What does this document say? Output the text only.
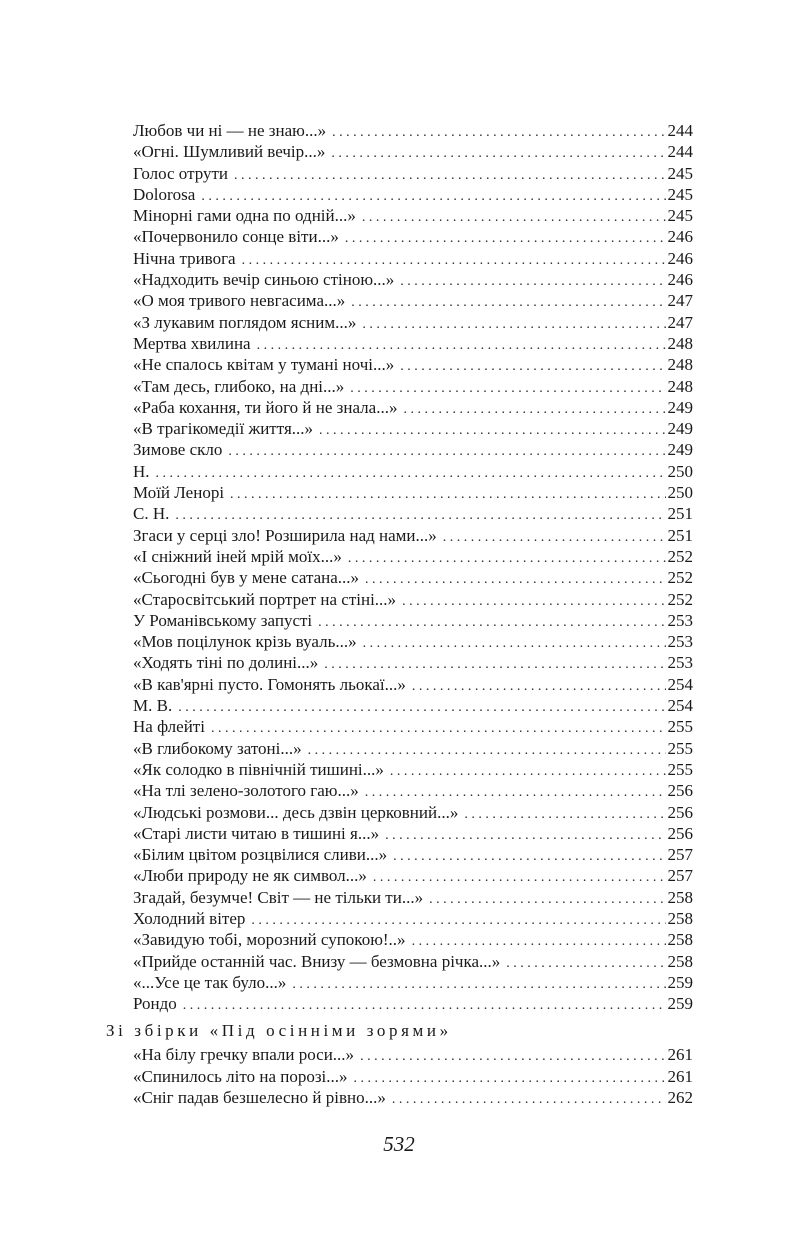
Любов чи ні — не знаю...» . . .	244
«Огні. Шумливий вечір...» . . .	244
Голос отрути . . .	245
Dolorosa . . .	245
Мінорні гами одна по одній...» . . .	245
«Почервонило сонце віти...» . . .	246
Нічна тривога . . .	246
«Надходить вечір синьою стіною...» . . .	246
«О моя тривого невгасима...» . . .	247
«З лукавим поглядом ясним...» . . .	247
Мертва хвилина . . .	248
«Не спалось квітам у тумані ночі...» . . .	248
«Там десь, глибоко, на дні...» . . .	248
«Раба кохання, ти його й не знала...» . . .	249
«В трагікомедії життя...» . . .	249
Зимове скло . . .	249
Н. . . .	250
Моїй Ленорі . . .	250
С. Н. . . .	251
Згаси у серці зло! Розширила над нами...» . . .	251
«І сніжний іней мрій моїх...» . . .	252
«Сьогодні був у мене сатана...» . . .	252
«Старосвітський портрет на стіні...» . . .	252
У Романівському запусті . . .	253
«Мов поцілунок крізь вуаль...» . . .	253
«Ходять тіні по долині...» . . .	253
«В кав'ярні пусто. Гомонять льокаї...» . . .	254
М. В. . . .	254
На флейті . . .	255
«В глибокому затоні...» . . .	255
«Як солодко в північній тишині...» . . .	255
«На тлі зелено-золотого гаю...» . . .	256
«Людські розмови... десь дзвін церковний...» . . .	256
«Старі листи читаю в тишині я...» . . .	256
«Білим цвітом розцвілися сливи...» . . .	257
«Люби природу не як символ...» . . .	257
Згадай, безумче! Світ — не тільки ти...» . . .	258
Холодний вітер . . .	258
«Завидую тобі, морозний супокою!..» . . .	258
«Прийде останній час. Внизу — безмовна річка...» . . .	258
«...Усе це так було...» . . .	259
Рондо . . .	259
Зі збірки «Під осінніми зорями»
«На білу гречку впали роси...» . . .	261
«Спинилось літо на порозі...» . . .	261
«Сніг падав безшелесно й рівно...» . . .	262
532
